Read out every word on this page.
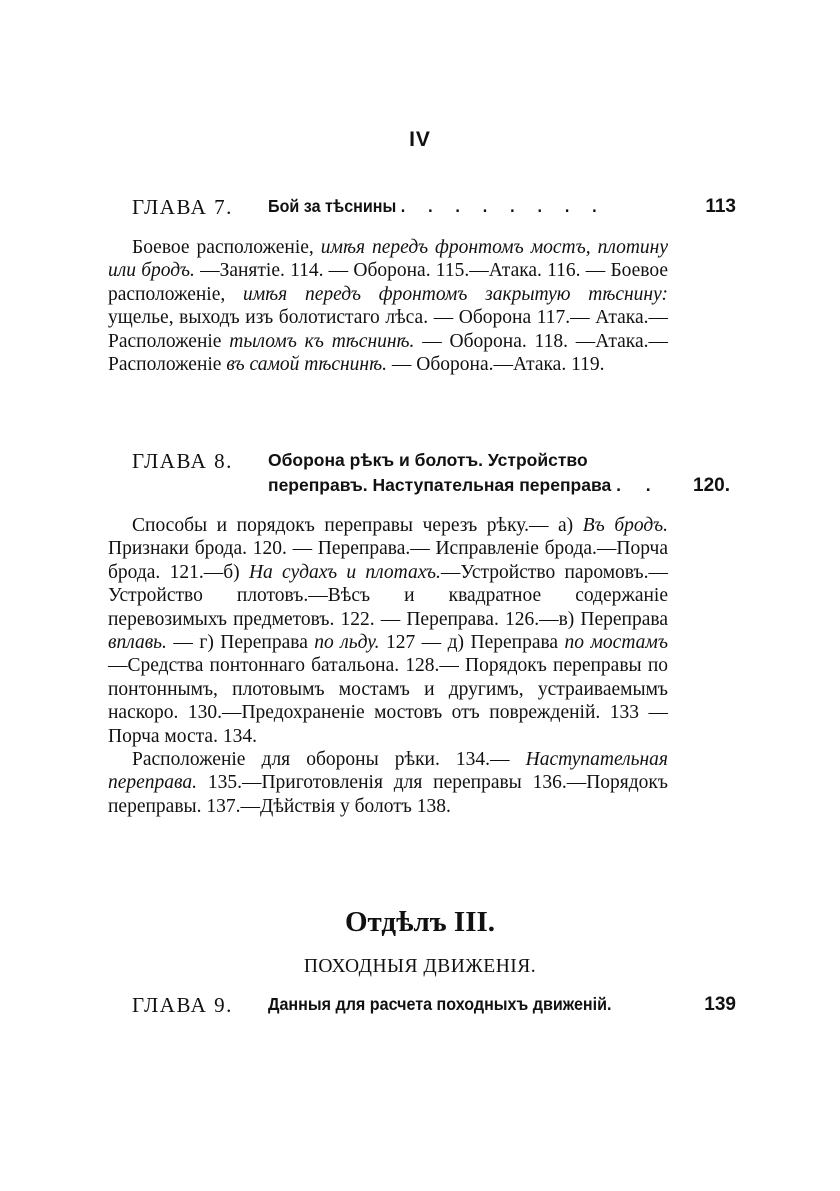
IV
ГЛАВА 7.	Бой за тѣснины . . . . . . . .	113

Боевое расположенiе, имѣя передъ фронтомъ мостъ, плотину или бродъ. —Занятiе. 114. — Оборона. 115.—Атака. 116. — Боевое расположенiе, имѣя передъ фронтомъ закрытую тѣснину: ущелье, выходъ изъ болотистаго лѣса. — Оборона 117.— Атака.—Расположенiе тыломъ къ тѣснинѣ. — Оборона. 118. —Атака.—Расположенiе въ самой тѣснинѣ. — Оборона.—Атака. 119.

ГЛАВА 8.	Оборона рѣкъ и болотъ. Устройство переправъ. Наступательная переправа . .	120.

Способы и порядокъ переправы черезъ рѣку.— а) Въ бродъ. Признаки брода. 120. — Переправа.— Исправленiе брода.—Порча брода. 121.—б) На судахъ и плотахъ.—Устройство паромовъ.—Устройство плотовъ.—Вѣсъ и квадратное содержанiе перевозимыхъ предметовъ. 122. — Переправа. 126.—в) Переправа вплавь. — г) Переправа по льду. 127 — д) Переправа по мостамъ —Средства понтоннаго батальона. 128.— Порядокъ переправы по понтоннымъ, плотовымъ мостамъ и другимъ, устраиваемымъ наскоро. 130.—Предохраненiе мостовъ отъ поврежденiй. 133 —Порча моста. 134.

Расположенiе для обороны рѣки. 134.— Наступательная переправа. 135.—Приготовленiя для переправы 136.—Порядокъ переправы. 137.—Дѣйствiя у болотъ 138.

Отдѣлъ III.
ПОХОДНЫЯ ДВИЖЕНIЯ.
ГЛАВА 9.	Данныя для расчета походныхъ движенiй.	139
